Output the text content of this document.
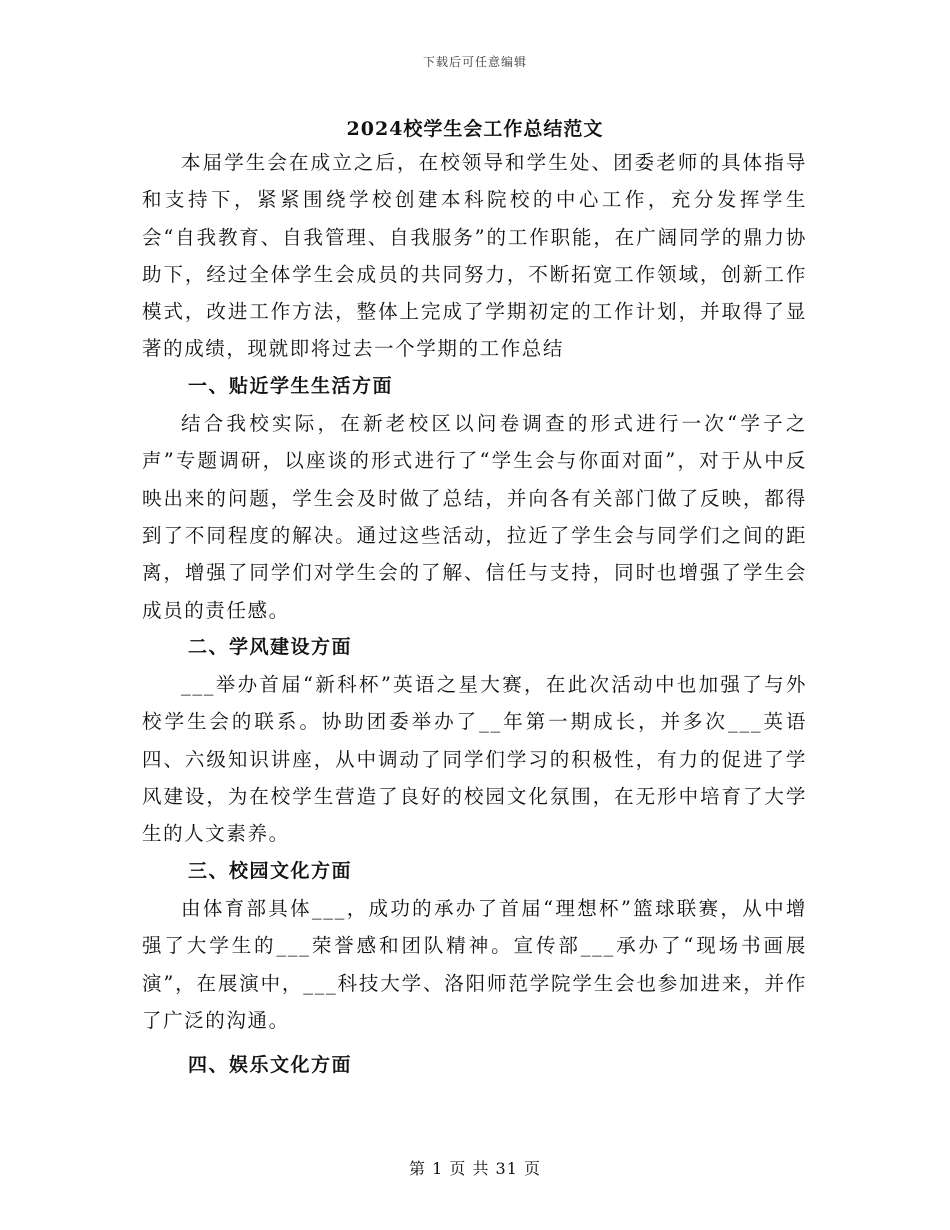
下载后可任意编辑
2024校学生会工作总结范文

本届学生会在成立之后，在校领导和学生处、团委老师的具体指导和支持下，紧紧围绕学校创建本科院校的中心工作，充分发挥学生会“自我教育、自我管理、自我服务”的工作职能，在广阔同学的鼎力协助下，经过全体学生会成员的共同努力，不断拓宽工作领域，创新工作模式，改进工作方法，整体上完成了学期初定的工作计划，并取得了显著的成绩，现就即将过去一个学期的工作总结

一、贴近学生生活方面

结合我校实际，在新老校区以问卷调查的形式进行一次“学子之声”专题调研，以座谈的形式进行了“学生会与你面对面”，对于从中反映出来的问题，学生会及时做了总结，并向各有关部门做了反映，都得到了不同程度的解决。通过这些活动，拉近了学生会与同学们之间的距离，增强了同学们对学生会的了解、信任与支持，同时也增强了学生会成员的责任感。

二、学风建设方面

___举办首届“新科杯”英语之星大赛，在此次活动中也加强了与外校学生会的联系。协助团委举办了__年第一期成长，并多次___英语四、六级知识讲座，从中调动了同学们学习的积极性，有力的促进了学风建设，为在校学生营造了良好的校园文化氛围，在无形中培育了大学生的人文素养。

三、校园文化方面

由体育部具体___，成功的承办了首届“理想杯”篮球联赛，从中增强了大学生的___荣誉感和团队精神。宣传部___承办了“现场书画展演”，在展演中，___科技大学、洛阳师范学院学生会也参加进来，并作了广泛的沟通。

四、娱乐文化方面

第 1 页 共 31 页
